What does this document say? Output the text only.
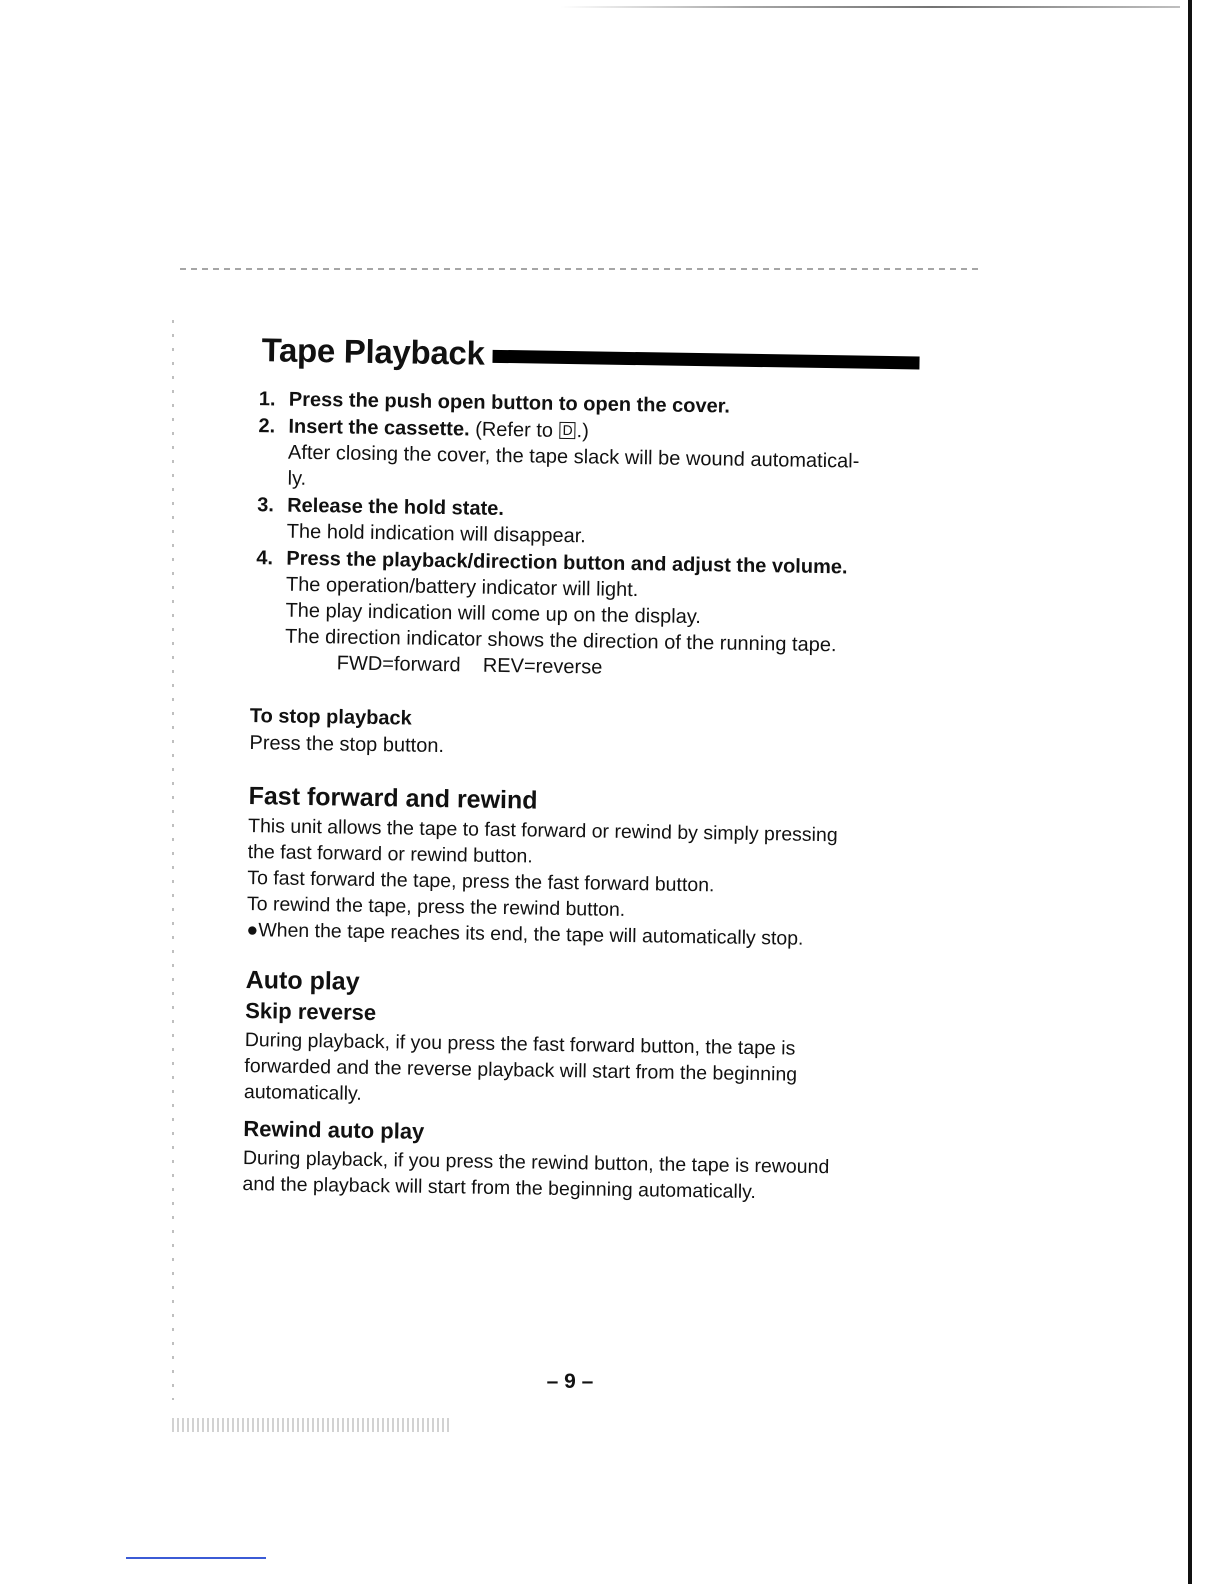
Tape Playback
1. Press the push open button to open the cover.
2. Insert the cassette. (Refer to D .)
After closing the cover, the tape slack will be wound automatical-
ly.
3. Release the hold state.
The hold indication will disappear.
4. Press the playback/direction button and adjust the volume.
The operation/battery indicator will light.
The play indication will come up on the display.
The direction indicator shows the direction of the running tape.
FWD=forward    REV=reverse
To stop playback
Press the stop button.
Fast forward and rewind
This unit allows the tape to fast forward or rewind by simply pressing
the fast forward or rewind button.
To fast forward the tape, press the fast forward button.
To rewind the tape, press the rewind button.
●When the tape reaches its end, the tape will automatically stop.
Auto play
Skip reverse
During playback, if you press the fast forward button, the tape is
forwarded and the reverse playback will start from the beginning
automatically.
Rewind auto play
During playback, if you press the rewind button, the tape is rewound
and the playback will start from the beginning automatically.
– 9 –
